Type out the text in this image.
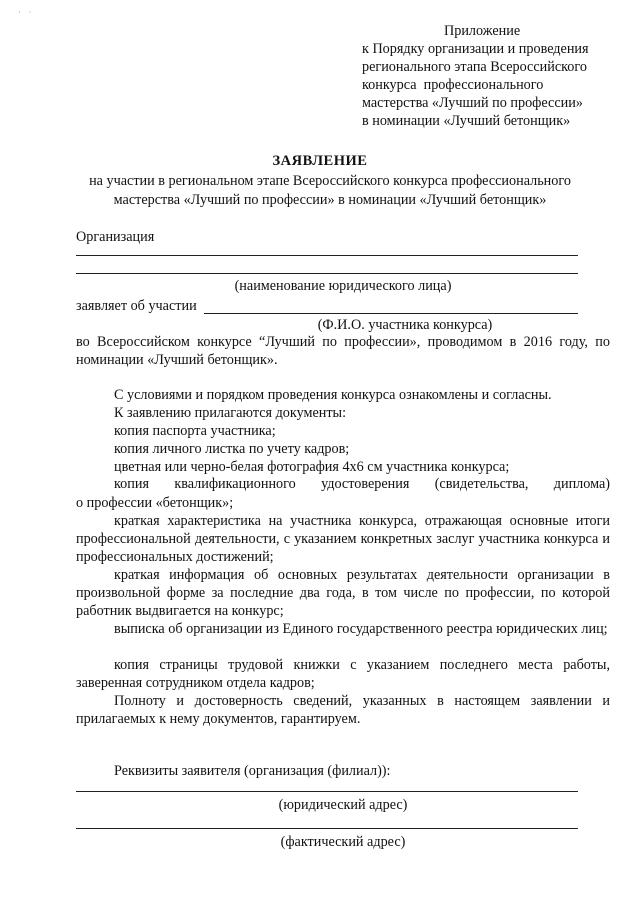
·    ·
Приложение
к Порядку организации и проведения
регионального этапа Всероссийского
конкурса  профессионального
мастерства «Лучший по профессии»
в номинации «Лучший бетонщик»
ЗАЯВЛЕНИЕ
на участии в региональном этапе Всероссийского конкурса профессионального мастерства «Лучший по профессии» в номинации «Лучший бетонщик»
Организация
(наименование юридического лица)
заявляет об участии
(Ф.И.О. участника конкурса)
во Всероссийском конкурсе “Лучший по профессии», проводимом в 2016 году, по номинации «Лучший бетонщик».
С условиями и порядком проведения конкурса ознакомлены и согласны.
К заявлению прилагаются документы:
копия паспорта участника;
копия личного листка по учету кадров;
цветная или черно-белая фотография 4х6 см участника конкурса;
копия квалификационного удостоверения (свидетельства, диплома)
о профессии «бетонщик»;
краткая характеристика на участника конкурса, отражающая основные итоги профессиональной деятельности, с указанием конкретных заслуг участника конкурса и профессиональных достижений;
краткая информация об основных результатах деятельности организации в произвольной форме за последние два года, в том числе по профессии, по которой работник выдвигается на конкурс;
выписка об организации из Единого государственного реестра юридических лиц;
копия страницы трудовой книжки с указанием последнего места работы, заверенная сотрудником отдела кадров;
Полноту и достоверность сведений, указанных в настоящем заявлении и прилагаемых к нему документов, гарантируем.
Реквизиты заявителя (организация (филиал)):
(юридический адрес)
(фактический адрес)
